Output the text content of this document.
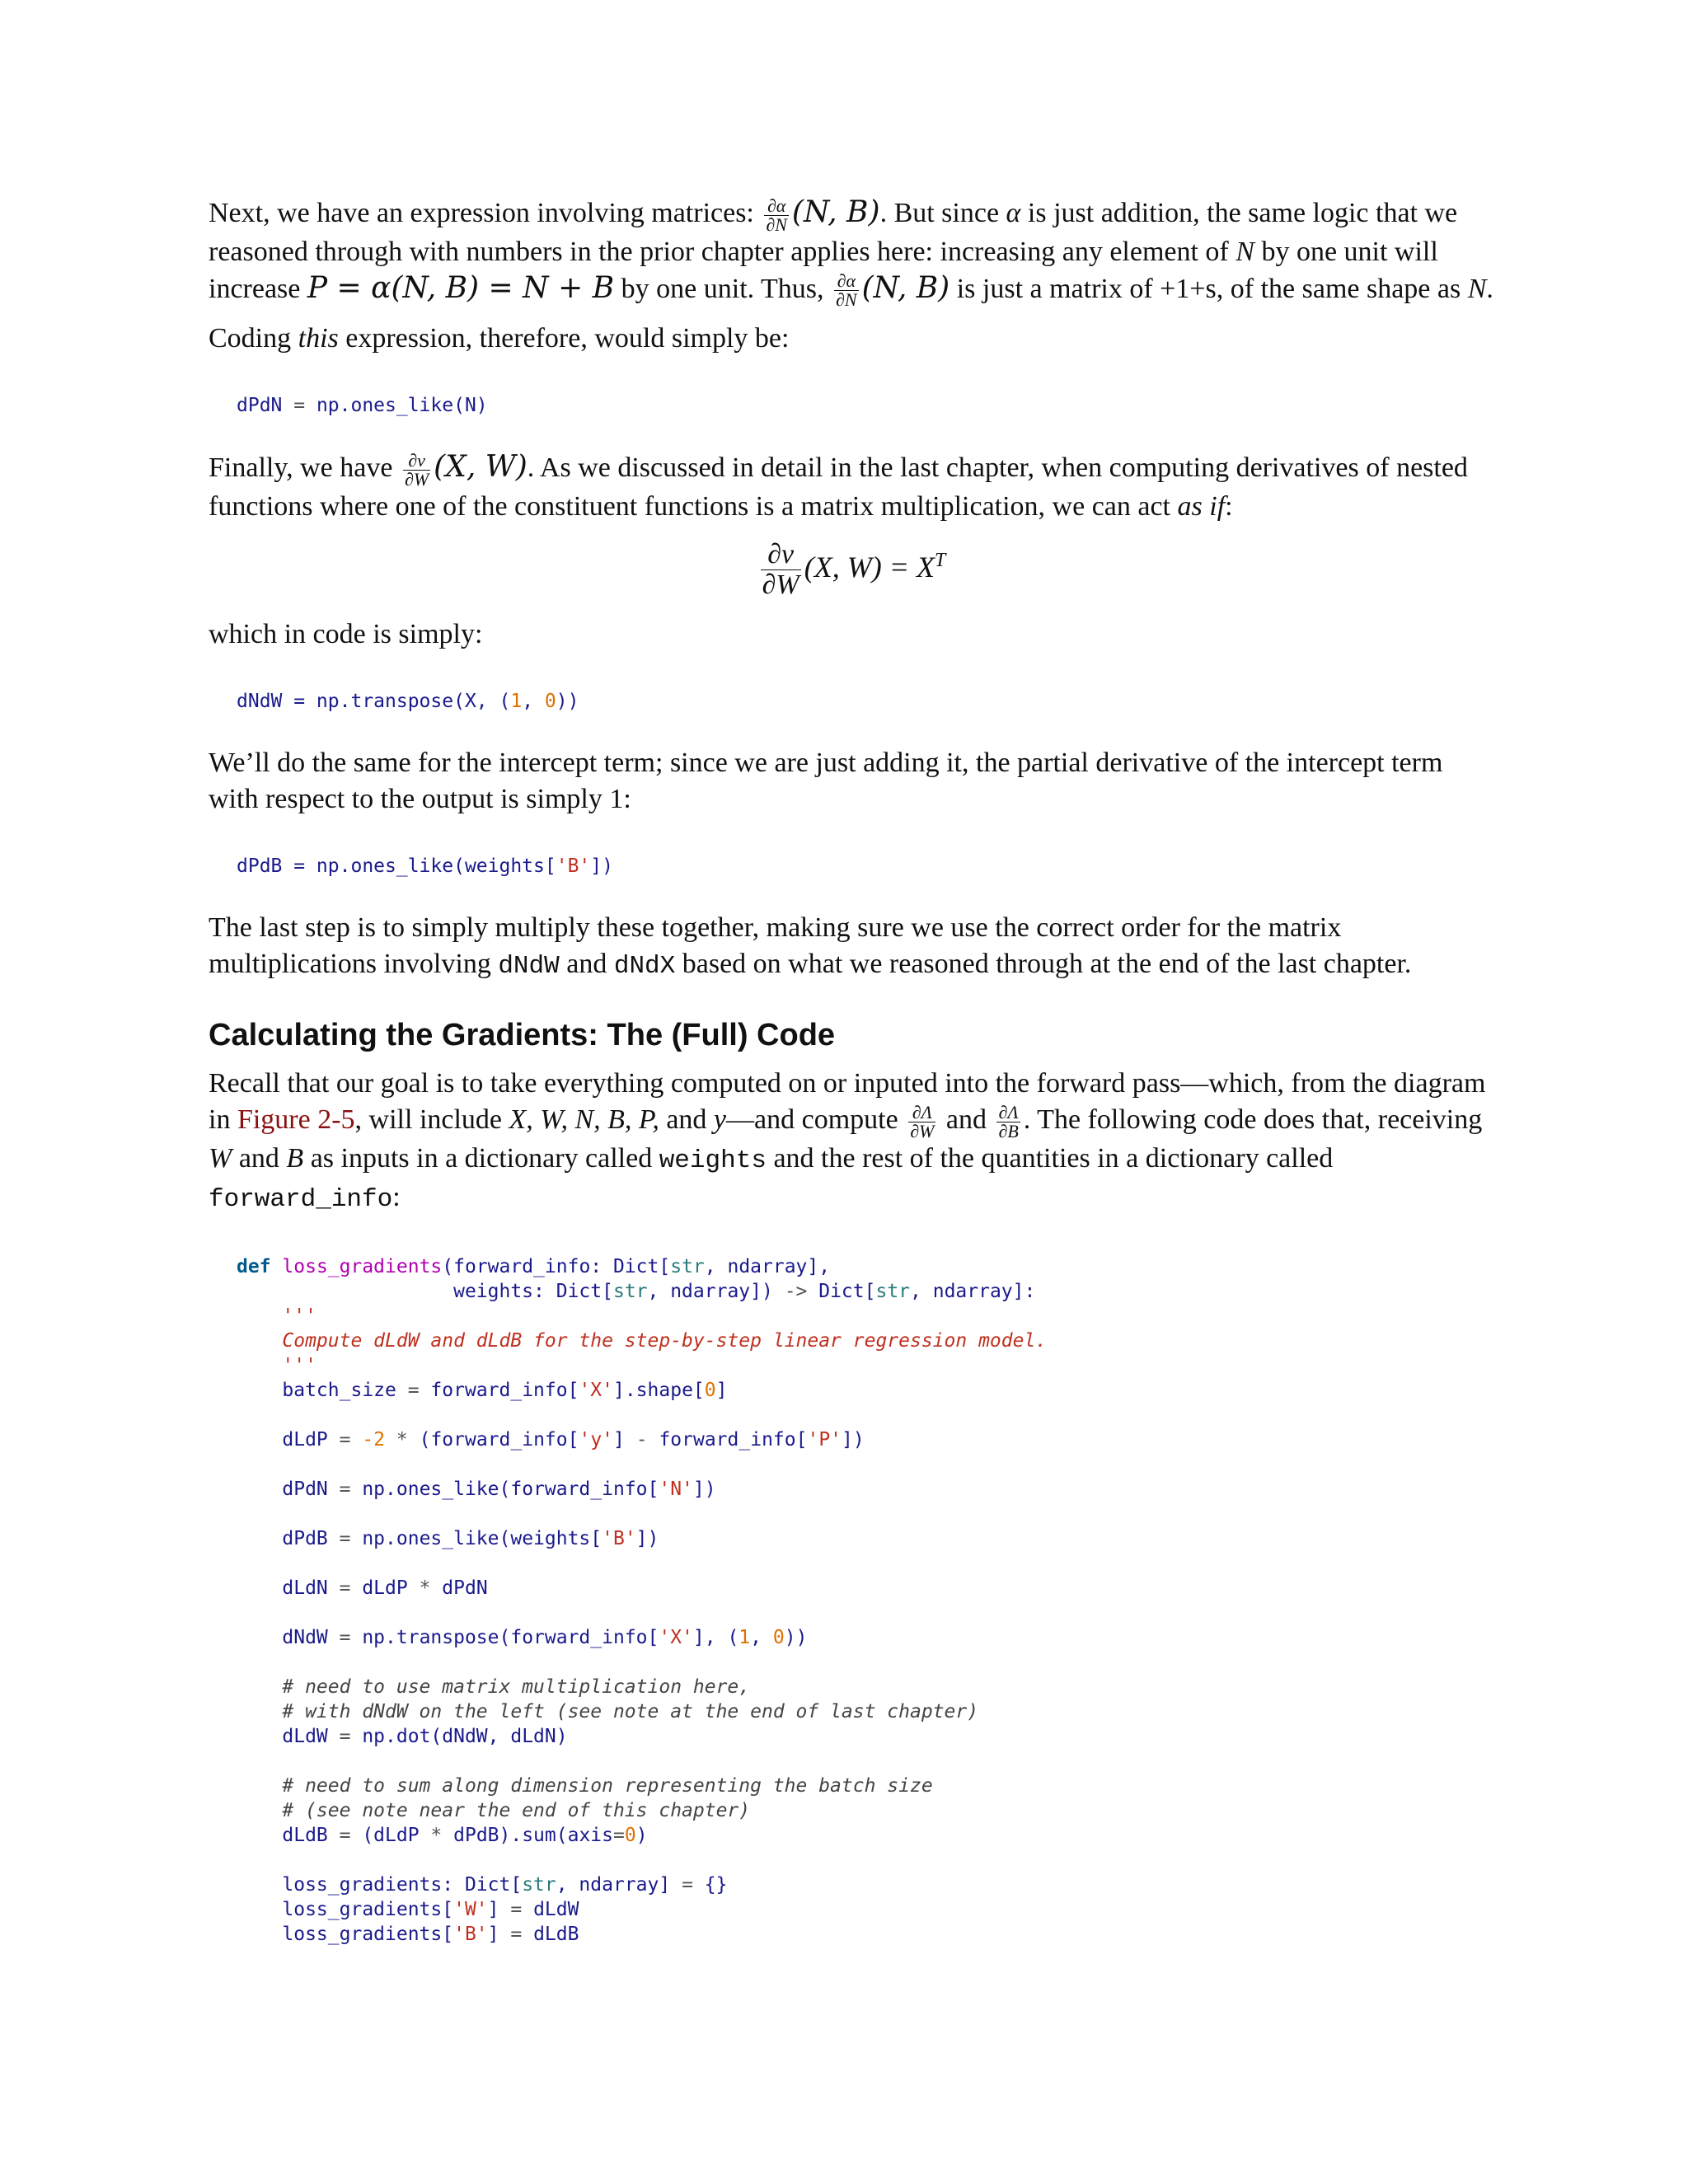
Next, we have an expression involving matrices: $\frac{\partial\alpha}{\partial N} (N$, B). But since α is just addition, the same logic that we reasoned through with numbers in the prior chapter applies here: increasing any element of N by one unit will increase P = α(N, B) = N + B by one unit. Thus, $\frac{\partial\alpha}{\partial N} (N$, B) is just a matrix of +1+s, of the same shape as N.

Coding this expression, therefore, would simply be:

dPdN = np.ones_like(N)

Finally, we have $\frac{\partial\nu}{\partial W} (X$, W). As we discussed in detail in the last chapter, when computing derivatives of nested functions where one of the constituent functions is a matrix multiplication, we can act as if:

$\frac{\partial\nu}{\partial W} (X$, $W) = X^T$

which in code is simply:

dNdW = np.transpose(X, (1, 0))

We’ll do the same for the intercept term; since we are just adding it, the partial derivative of the intercept term with respect to the output is simply 1:

dPdB = np.ones_like(weights['B'])

The last step is to simply multiply these together, making sure we use the correct order for the matrix multiplications involving dNdW and dNdX based on what we reasoned through at the end of the last chapter.

Calculating the Gradients: The (Full) Code

Recall that our goal is to take everything computed on or inputed into the forward pass—which, from the diagram in Figure 2-5, will include X, W, N, B, P, and y—and compute $\frac{\partial\Lambda}{\partial W}$ and $\frac{\partial\Lambda}{\partial B}$ . The following code does that, receiving W and B as inputs in a dictionary called weights and the rest of the quantities in a dictionary called forward_info:

def loss_gradients(forward_info: Dict[str, ndarray],
weights: Dict[str, ndarray]) -> Dict[str, ndarray]:
'''
Compute dLdW and dLdB for the step-by-step linear regression model.
'''
batch_size = forward_info['X'].shape[0]

dLdP = -2 * (forward_info['y'] - forward_info['P'])

dPdN = np.ones_like(forward_info['N'])

dPdB = np.ones_like(weights['B'])

dLdN = dLdP * dPdN

dNdW = np.transpose(forward_info['X'], (1, 0))

# need to use matrix multiplication here,
# with dNdW on the left (see note at the end of last chapter)
dLdW = np.dot(dNdW, dLdN)

# need to sum along dimension representing the batch size
# (see note near the end of this chapter)
dLdB = (dLdP * dPdB).sum(axis=0)

loss_gradients: Dict[str, ndarray] = {}
loss_gradients['W'] = dLdW
loss_gradients['B'] = dLdB
